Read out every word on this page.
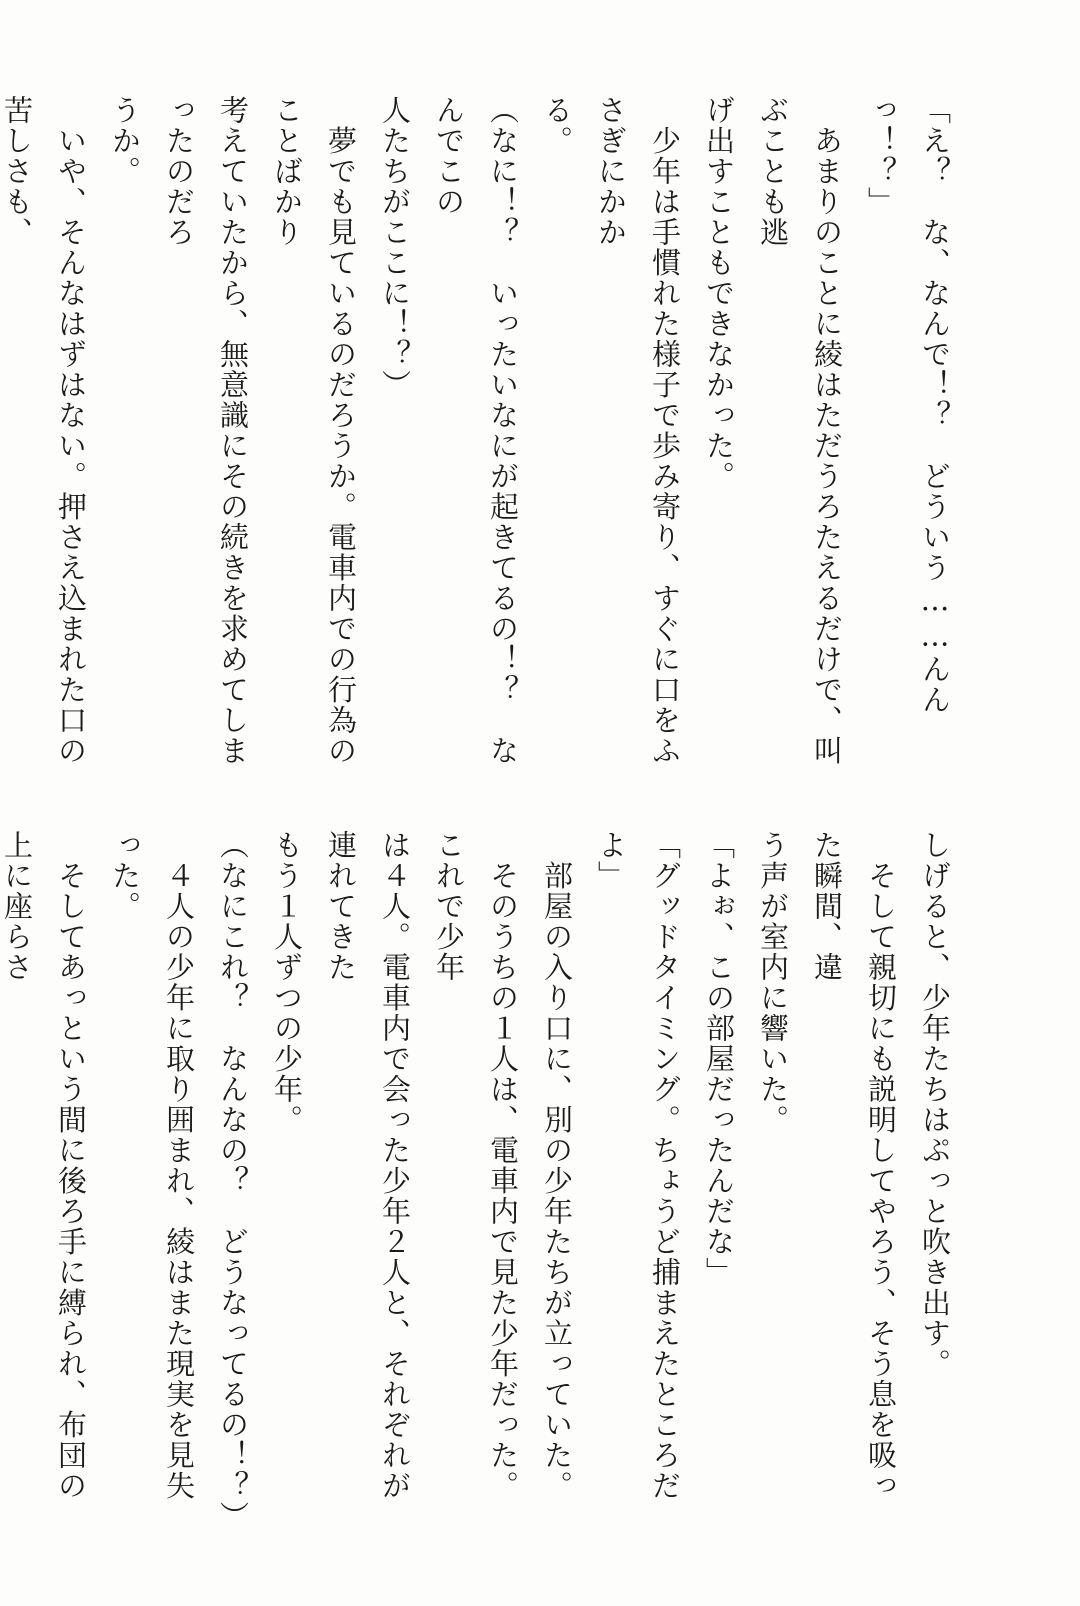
「え？　な、なんで！？　どういう……んんっ！？」

　あまりのことに綾はただうろたえるだけで、叫ぶことも逃

げ出すこともできなかった。

　少年は手慣れた様子で歩み寄り、すぐに口をふさぎにかか

る。

（なに！？　いったいなにが起きてるの！？　なんでこの

人たちがここに！？）

　夢でも見ているのだろうか。電車内での行為のことばかり

考えていたから、無意識にその続きを求めてしまったのだろ

うか。

　いや、そんなはずはない。押さえ込まれた口の苦しさも、

しげると、少年たちはぷっと吹き出す。

　そして親切にも説明してやろう、そう息を吸った瞬間、違

う声が室内に響いた。

「よぉ、この部屋だったんだな」

「グッドタイミング。ちょうど捕まえたところだよ」

　部屋の入り口に、別の少年たちが立っていた。

　そのうちの１人は、電車内で見た少年だった。これで少年

は４人。電車内で会った少年２人と、それぞれが連れてきた

もう１人ずつの少年。

（なにこれ？　なんなの？　どうなってるの！？）

　４人の少年に取り囲まれ、綾はまた現実を見失った。

　そしてあっという間に後ろ手に縛られ、布団の上に座らさ
